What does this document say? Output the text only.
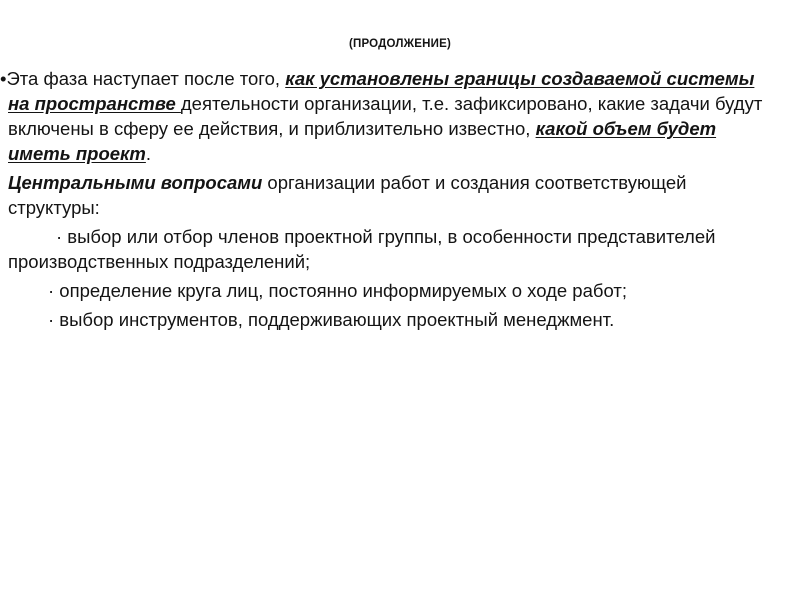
(ПРОДОЛЖЕНИЕ)

•Эта фаза наступает после того, как установлены границы создаваемой системы на пространстве деятельности организации, т.е. зафиксировано, какие задачи будут включены в сферу ее действия, и приблизительно известно, какой объем будет иметь проект.

Центральными вопросами организации работ и создания соответствующей структуры:

· выбор или отбор членов проектной группы, в особенности представителей производственных подразделений;

· определение круга лиц, постоянно информируемых о ходе работ;

· выбор инструментов, поддерживающих проектный менеджмент.
